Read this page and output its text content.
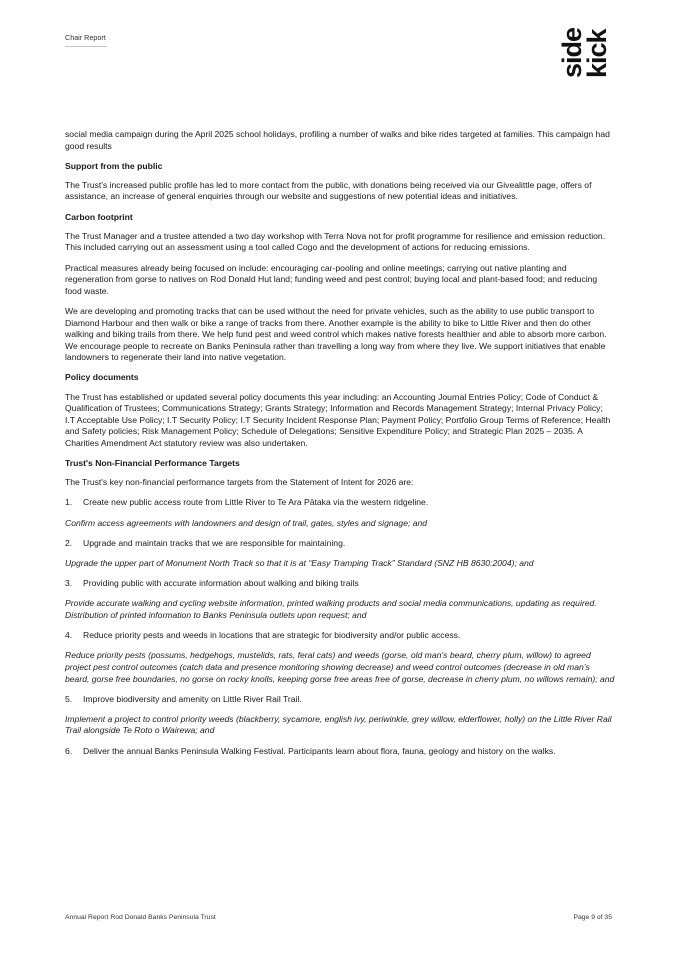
Chair Report	kick
side

social media campaign during the April 2025 school holidays, profiling a number of walks and bike rides targeted at families. This campaign had good results

Support from the public

The Trust's increased public profile has led to more contact from the public, with donations being received via our Givealittle page, offers of assistance, an increase of general enquiries through our website and suggestions of new potential ideas and initiatives.

Carbon footprint

The Trust Manager and a trustee attended a two day workshop with Terra Nova not for profit programme for resilience and emission reduction. This included carrying out an assessment using a tool called Cogo and the development of actions for reducing emissions.

Practical measures already being focused on include: encouraging car-pooling and online meetings; carrying out native planting and regeneration from gorse to natives on Rod Donald Hut land; funding weed and pest control; buying local and plant-based food; and reducing food waste.

We are developing and promoting tracks that can be used without the need for private vehicles, such as the ability to use public transport to Diamond Harbour and then walk or bike a range of tracks from there. Another example is the ability to bike to Little River and then do other walking and biking trails from there. We help fund pest and weed control which makes native forests healthier and able to absorb more carbon. We encourage people to recreate on Banks Peninsula rather than travelling a long way from where they live. We support initiatives that enable landowners to regenerate their land into native vegetation.

Policy documents

The Trust has established or updated several policy documents this year including: an Accounting Journal Entries Policy; Code of Conduct & Qualification of Trustees; Communications Strategy; Grants Strategy; Information and Records Management Strategy; Internal Privacy Policy; I.T Acceptable Use Policy; I.T Security Policy; I.T Security Incident Response Plan; Payment Policy; Portfolio Group Terms of Reference; Health and Safety policies; Risk Management Policy; Schedule of Delegations; Sensitive Expenditure Policy; and Strategic Plan 2025 – 2035. A Charities Amendment Act statutory review was also undertaken.

Trust's Non-Financial Performance Targets

The Trust's key non-financial performance targets from the Statement of Intent for 2026 are:

1.	Create new public access route from Little River to Te Ara Pātaka via the western ridgeline.

Confirm access agreements with landowners and design of trail, gates, styles and signage; and

2.	Upgrade and maintain tracks that we are responsible for maintaining.

Upgrade the upper part of Monument North Track so that it is at “Easy Tramping Track” Standard (SNZ HB 8630:2004); and

3.	Providing public with accurate information about walking and biking trails

Provide accurate walking and cycling website information, printed walking products and social media communications, updating as required. Distribution of printed information to Banks Peninsula outlets upon request; and

4.	Reduce priority pests and weeds in locations that are strategic for biodiversity and/or public access.

Reduce priority pests (possums, hedgehogs, mustelids, rats, feral cats) and weeds (gorse, old man’s beard, cherry plum, willow) to agreed project pest control outcomes (catch data and presence monitoring showing decrease) and weed control outcomes (decrease in old man’s beard, gorse free boundaries, no gorse on rocky knolls, keeping gorse free areas free of gorse, decrease in cherry plum, no willows remain); and

5.	Improve biodiversity and amenity on Little River Rail Trail.

Implement a project to control priority weeds (blackberry, sycamore, english ivy, periwinkle, grey willow, elderflower, holly) on the Little River Rail Trail alongside Te Roto o Wairewa; and

6.	Deliver the annual Banks Peninsula Walking Festival. Participants learn about flora, fauna, geology and history on the walks.

Annual Report Rod Donald Banks Peninsula Trust	Page 9 of 35
